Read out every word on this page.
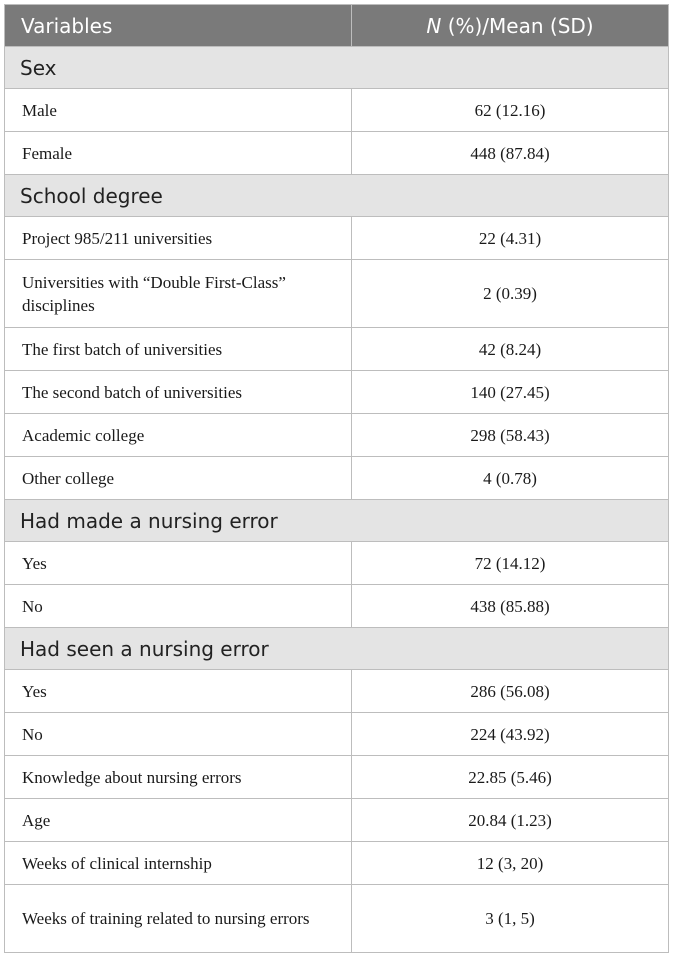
Variables	N (%)/Mean (SD)
Sex	
Male	62 (12.16)
Female	448 (87.84)
School degree	
Project 985/211 universities	22 (4.31)
Universities with “Double First-Class” disciplines	2 (0.39)
The first batch of universities	42 (8.24)
The second batch of universities	140 (27.45)
Academic college	298 (58.43)
Other college	4 (0.78)
Had made a nursing error	
Yes	72 (14.12)
No	438 (85.88)
Had seen a nursing error	
Yes	286 (56.08)
No	224 (43.92)
Knowledge about nursing errors	22.85 (5.46)
Age	20.84 (1.23)
Weeks of clinical internship	12 (3, 20)
Weeks of training related to nursing errors	3 (1, 5)
